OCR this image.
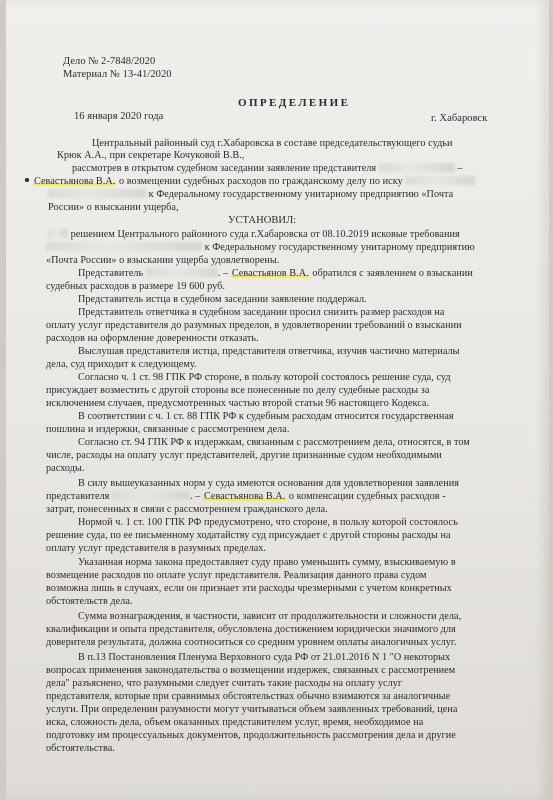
Дело № 2-7848/2020
Материал № 13-41/2020
ОПРЕДЕЛЕНИЕ
16 января 2020 года	г. Хабаровск
Центральный районный суд г.Хабаровска в составе председательствующего судьи
Крюк А.А., при секретаре Кочуковой В.В.,
рассмотрев в открытом судебном заседании заявление представителя	–
Севастьянова В.А. о возмещении судебных расходов по гражданскому делу по иску
к Федеральному государственному унитарному предприятию «Почта
России» о взыскании ущерба,
УСТАНОВИЛ:
решением Центрального районного суда г.Хабаровска от 08.10.2019 исковые требования
к Федеральному государственному унитарному предприятию
«Почта России» о взыскании ущерба удовлетворены.
Представитель	. – Севастьянов В.А. обратился с заявлением о взыскании
судебных расходов в размере 19 600 руб.
Представитель истца в судебном заседании заявление поддержал.
Представитель ответчика в судебном заседании просил снизить размер расходов на
оплату услуг представителя до разумных пределов, в удовлетворении требований о взыскании
расходов на оформление доверенности отказать.
Выслушав представителя истца, представителя ответчика, изучив частично материалы
дела, суд приходит к следующему.
Согласно ч. 1 ст. 98 ГПК РФ стороне, в пользу которой состоялось решение суда, суд
присуждает возместить с другой стороны все понесенные по делу судебные расходы за
исключением случаев, предусмотренных частью второй статьи 96 настоящего Кодекса.
В соответствии с ч. 1 ст. 88 ГПК РФ к судебным расходам относится государственная
пошлина и издержки, связанные с рассмотрением дела.
Согласно ст. 94 ГПК РФ к издержкам, связанным с рассмотрением дела, относятся, в том
числе, расходы на оплату услуг представителей, другие признанные судом необходимыми
расходы.
В силу вышеуказанных норм у суда имеются основания для удовлетворения заявления
представителя	. – Севастьянова В.А. о компенсации судебных расходов -
затрат, понесенных в связи с рассмотрением гражданского дела.
Нормой ч. 1 ст. 100 ГПК РФ предусмотрено, что стороне, в пользу которой состоялось
решение суда, по ее письменному ходатайству суд присуждает с другой стороны расходы на
оплату услуг представителя в разумных пределах.
Указанная норма закона предоставляет суду право уменьшить сумму, взыскиваемую в
возмещение расходов по оплате услуг представителя. Реализация данного права судом
возможна лишь в случаях, если он признает эти расходы чрезмерными с учетом конкретных
обстоятельств дела.
Сумма вознаграждения, в частности, зависит от продолжительности и сложности дела,
квалификации и опыта представителя, обусловлена достижением юридически значимого для
доверителя результата, должна соотноситься со средним уровнем оплаты аналогичных услуг.
В п.13 Постановления Пленума Верховного суда РФ от 21.01.2016 N 1 "О некоторых
вопросах применения законодательства о возмещении издержек, связанных с рассмотрением
дела" разъяснено, что разумными следует считать такие расходы на оплату услуг
представителя, которые при сравнимых обстоятельствах обычно взимаются за аналогичные
услуги. При определении разумности могут учитываться объем заявленных требований, цена
иска, сложность дела, объем оказанных представителем услуг, время, необходимое на
подготовку им процессуальных документов, продолжительность рассмотрения дела и другие
обстоятельства.
